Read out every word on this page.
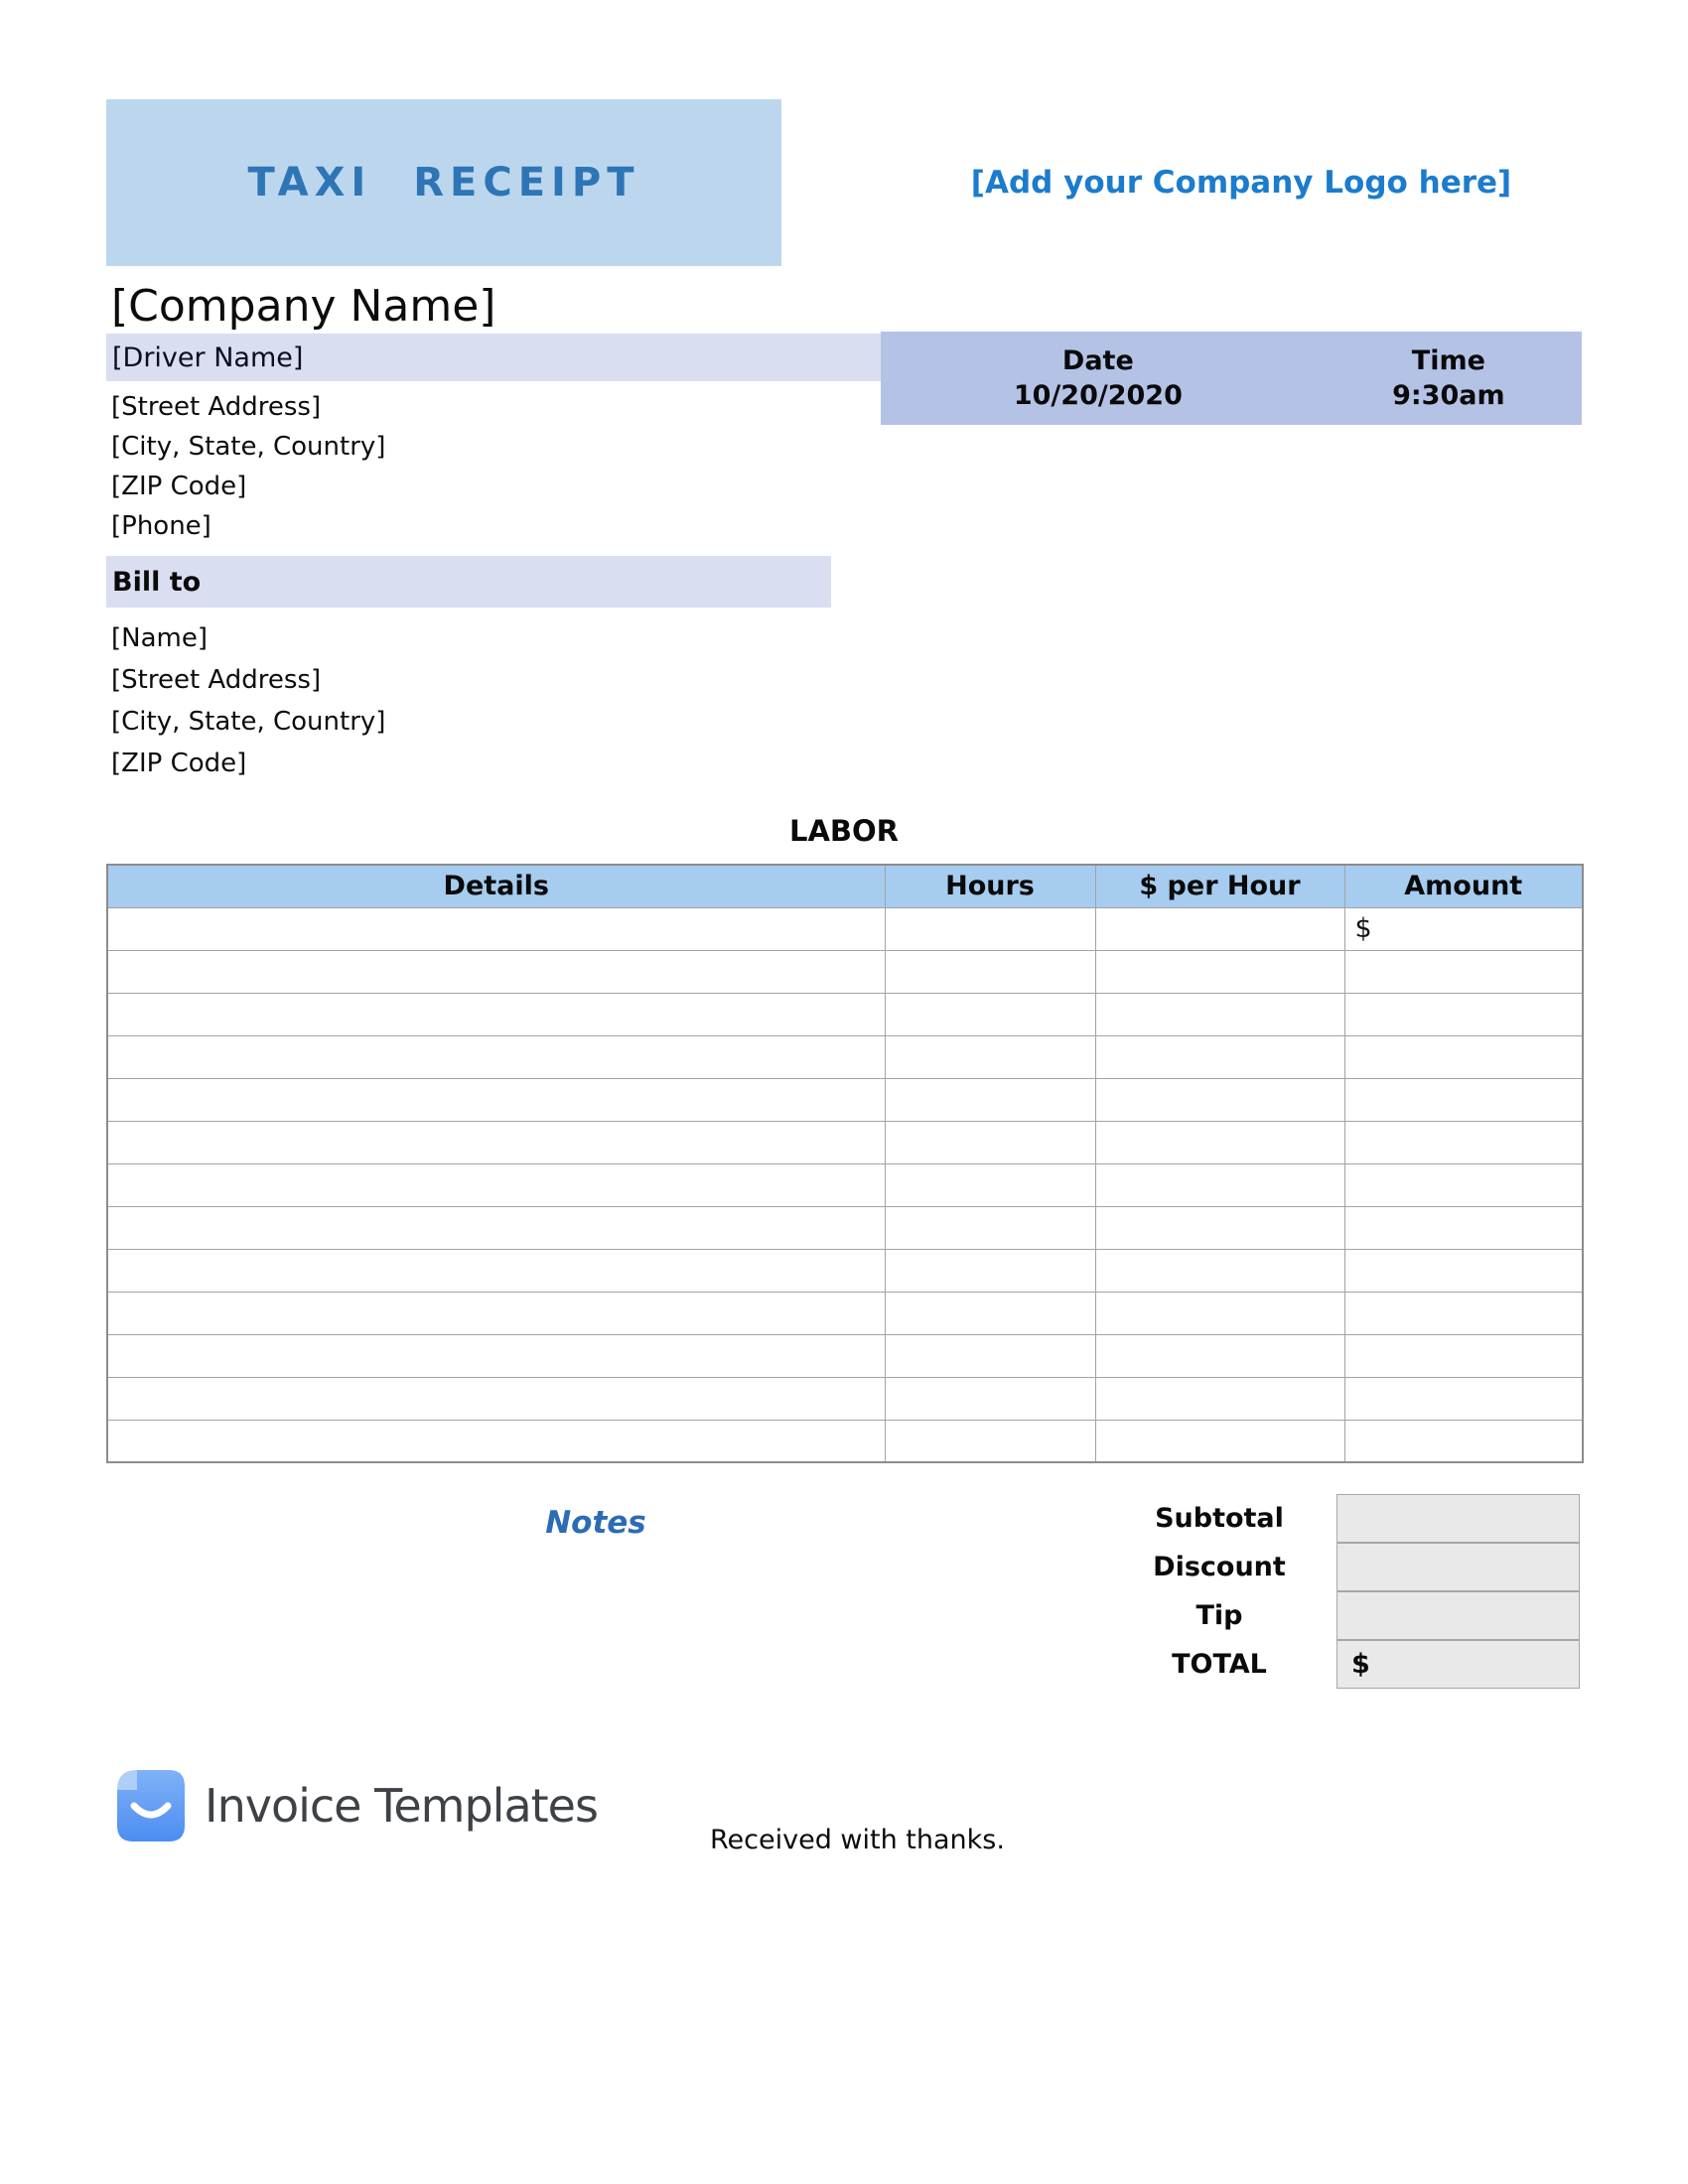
TAXI RECEIPT	[Add your Company Logo here]
[Company Name]
[Driver Name]
[Street Address]
[City, State, Country]
[ZIP Code]
[Phone]
Date
10/20/2020
Time
9:30am
Bill to
[Name]
[Street Address]
[City, State, Country]
[ZIP Code]
LABOR
Details	Hours	$ per Hour	Amount
			$

Notes	Subtotal
Discount
Tip
TOTAL	$
Invoice Templates
Received with thanks.
